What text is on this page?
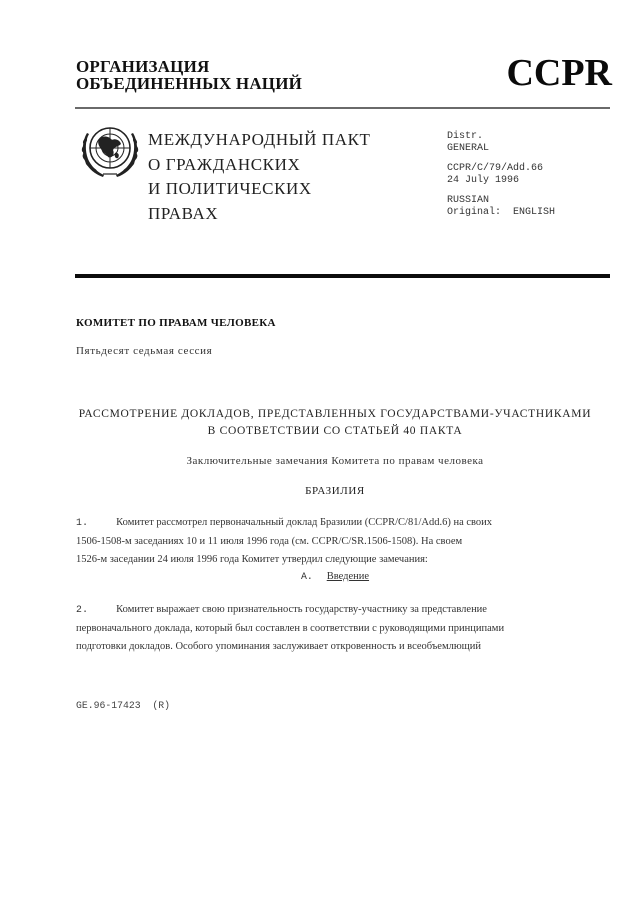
ОРГАНИЗАЦИЯ
ОБЪЕДИНЕННЫХ НАЦИЙ	CCPR
МЕЖДУНАРОДНЫЙ ПАКТ
О ГРАЖДАНСКИХ
И ПОЛИТИЧЕСКИХ
ПРАВАХ
Distr.
GENERAL
CCPR/C/79/Add.66
24 July 1996
RUSSIAN
Original: ENGLISH
КОМИТЕТ ПО ПРАВАМ ЧЕЛОВЕКА
Пятьдесят седьмая сессия
РАССМОТРЕНИЕ ДОКЛАДОВ, ПРЕДСТАВЛЕННЫХ ГОСУДАРСТВАМИ-УЧАСТНИКАМИ
В СООТВЕТСТВИИ СО СТАТЬЕЙ 40 ПАКТА
Заключительные замечания Комитета по правам человека
БРАЗИЛИЯ
1.	Комитет рассмотрел первоначальный доклад Бразилии (CCPR/C/81/Add.6) на своих
1506-1508-м заседаниях 10 и 11 июля 1996 года (см. CCPR/C/SR.1506-1508). На своем
1526-м заседании 24 июля 1996 года Комитет утвердил следующие замечания:
A. Введение
2.	Комитет выражает свою признательность государству-участнику за представление
первоначального доклада, который был составлен в соответствии с руководящими принципами
подготовки докладов. Особого упоминания заслуживает откровенность и всеобъемлющий
GE.96-17423  (R)
